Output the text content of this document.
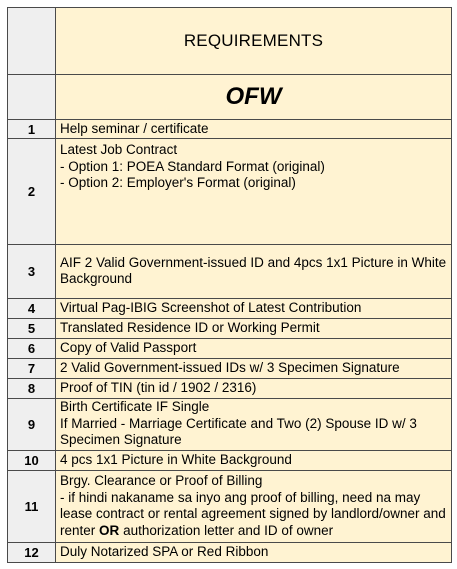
	REQUIREMENTS
	OFW
1	Help seminar / certificate
2	Latest Job Contract
- Option 1: POEA Standard Format (original)
- Option 2: Employer's Format (original)

3	AIF 2 Valid Government-issued ID and 4pcs 1x1 Picture in White Background
4	Virtual Pag-IBIG Screenshot of Latest Contribution
5	Translated Residence ID or Working Permit
6	Copy of Valid Passport
7	2 Valid Government-issued IDs w/ 3 Specimen Signature
8	Proof of TIN (tin id / 1902 / 2316)
9	Birth Certificate IF Single
If Married - Marriage Certificate and Two (2) Spouse ID w/ 3 Specimen Signature

10	4 pcs 1x1 Picture in White Background
11	Brgy. Clearance or Proof of Billing
- if hindi nakaname sa inyo ang proof of billing, need na may lease contract or rental agreement signed by landlord/owner and renter OR authorization letter and ID of owner

12	Duly Notarized SPA or Red Ribbon
